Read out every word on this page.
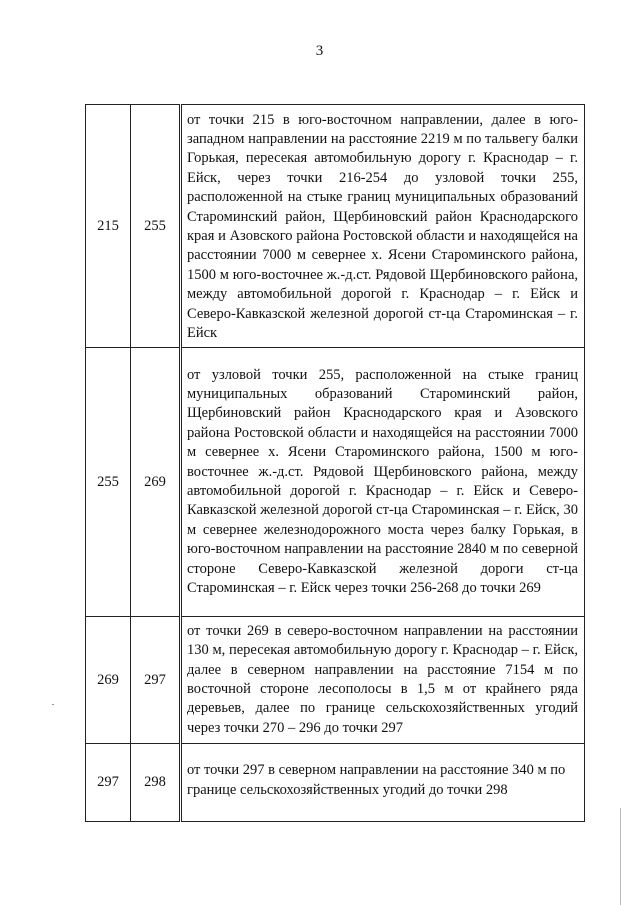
3
215	255	от точки 215 в юго-восточном направлении, далее в юго-западном направлении на расстояние 2219 м по тальвегу балки Горькая, пересекая автомобильную дорогу г. Краснодар – г. Ейск, через точки 216-254 до узловой точки 255, расположенной на стыке границ муниципальных образований Староминский район, Щербиновский район Краснодарского края и Азовского района Ростовской области и находящейся на расстоянии 7000 м севернее х. Ясени Староминского района, 1500 м юго-восточнее ж.-д.ст. Рядовой Щербиновского района, между автомобильной дорогой г. Краснодар – г. Ейск и Северо-Кавказской железной дорогой ст-ца Староминская – г. Ейск
255	269	от узловой точки 255, расположенной на стыке границ муниципальных образований Староминский район, Щербиновский район Краснодарского края и Азовского района Ростовской области и находящейся на расстоянии 7000 м севернее х. Ясени Староминского района, 1500 м юго-восточнее ж.-д.ст. Рядовой Щербиновского района, между автомобильной дорогой г. Краснодар – г. Ейск и Северо-Кавказской железной дорогой ст-ца Староминская – г. Ейск, 30 м севернее железнодорожного моста через балку Горькая, в юго-восточном направлении на расстояние 2840 м по северной стороне Северо-Кавказской железной дороги ст-ца Староминская – г. Ейск через точки 256-268 до точки 269
269	297	от точки 269 в северо-восточном направлении на расстоянии 130 м, пересекая автомобильную дорогу г. Краснодар – г. Ейск, далее в северном направлении на расстояние 7154 м по восточной стороне лесополосы в 1,5 м от крайнего ряда деревьев, далее по границе сельскохозяйственных угодий через точки 270 – 296 до точки 297
297	298	от точки 297 в северном направлении на расстояние 340 м по границе сельскохозяйственных угодий до точки 298
